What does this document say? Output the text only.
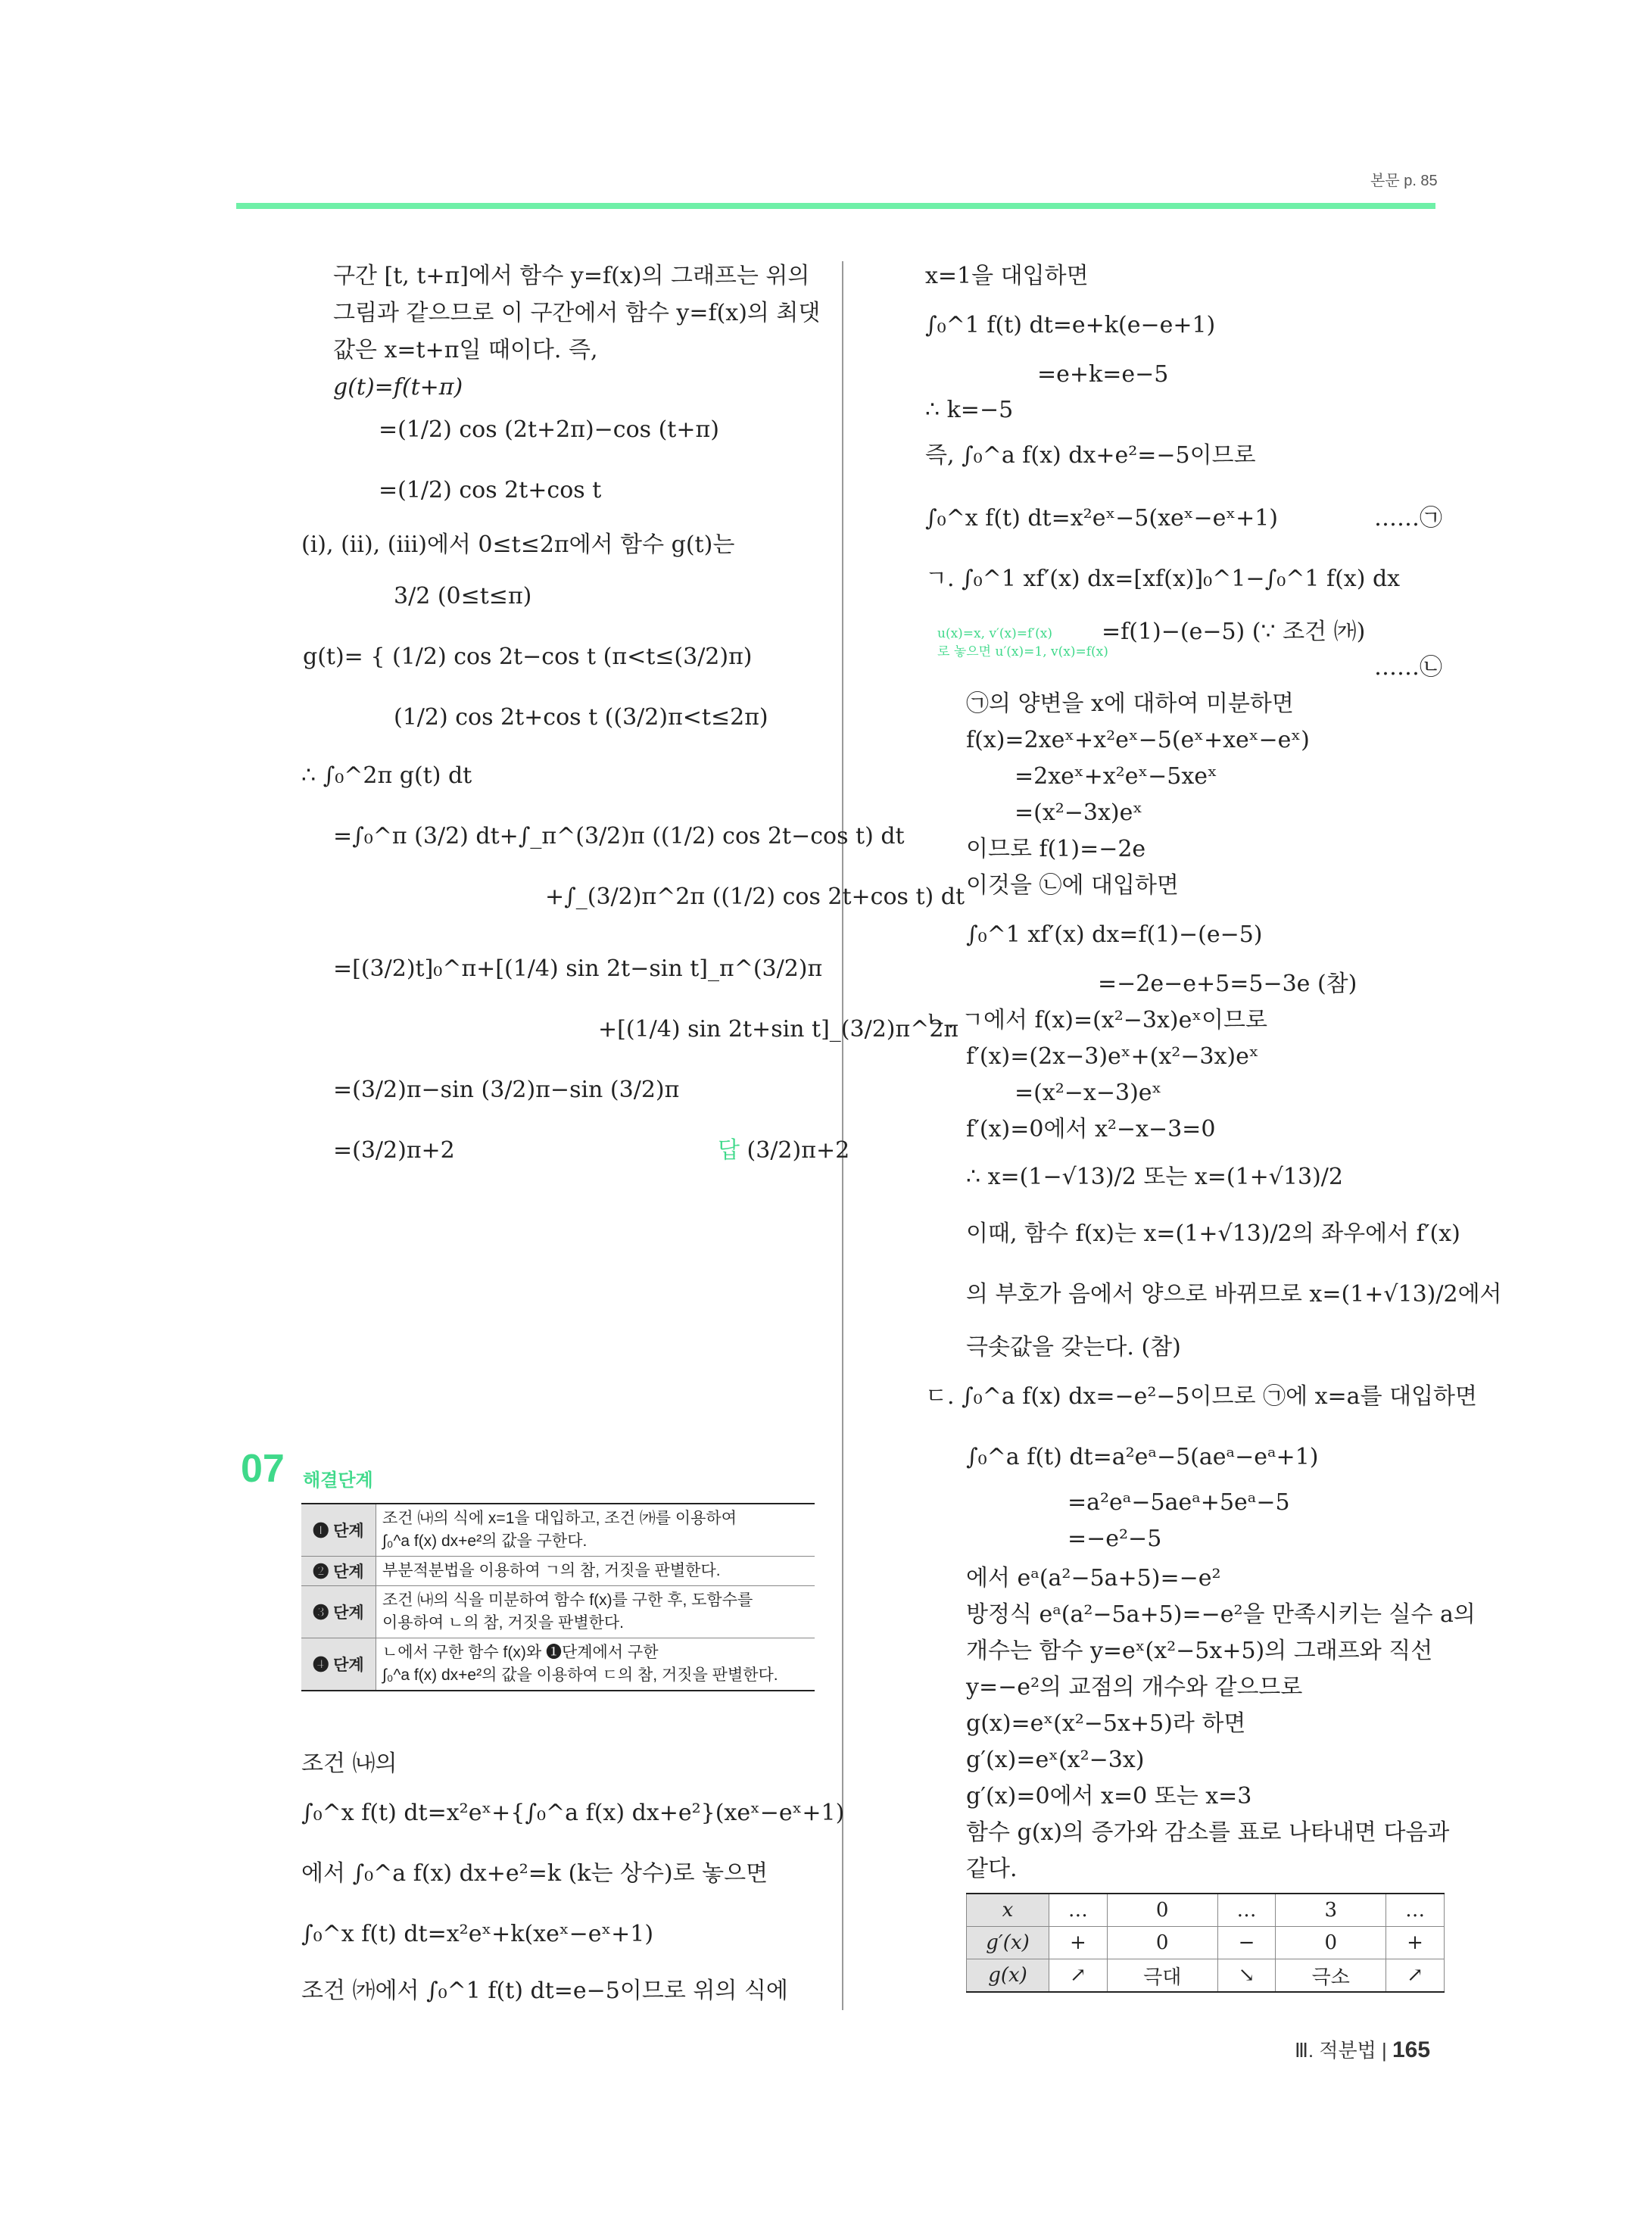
본문 p. 85
구간 [t, t+π]에서 함수 y=f(x)의 그래프는 위의
그림과 같으므로 이 구간에서 함수 y=f(x)의 최댓
값은 x=t+π일 때이다. 즉,
g(t)=f(t+π)
=(1/2) cos (2t+2π)−cos (t+π)
=(1/2) cos 2t+cos t
(ⅰ), (ⅱ), (ⅲ)에서 0≤t≤2π에서 함수 g(t)는
3/2 (0≤t≤π)
g(t)= { (1/2) cos 2t−cos t (π<t≤(3/2)π)
(1/2) cos 2t+cos t ((3/2)π<t≤2π)
∴ ∫₀^2π g(t) dt
=∫₀^π (3/2) dt+∫_π^(3/2)π ((1/2) cos 2t−cos t) dt
+∫_(3/2)π^2π ((1/2) cos 2t+cos t) dt
=[(3/2)t]₀^π+[(1/4) sin 2t−sin t]_π^(3/2)π
+[(1/4) sin 2t+sin t]_(3/2)π^2π
=(3/2)π−sin (3/2)π−sin (3/2)π
=(3/2)π+2	답 (3/2)π+2
07 해결단계
❶ 단계	조건 ㈏의 식에 x=1을 대입하고, 조건 ㈎를 이용하여
∫₀^a f(x) dx+e²의 값을 구한다.

❷ 단계	부분적분법을 이용하여 ㄱ의 참, 거짓을 판별한다.

❸ 단계	조건 ㈏의 식을 미분하여 함수 f(x)를 구한 후, 도함수를
이용하여 ㄴ의 참, 거짓을 판별한다.

❹ 단계	ㄴ에서 구한 함수 f(x)와 ❶단계에서 구한
∫₀^a f(x) dx+e²의 값을 이용하여 ㄷ의 참, 거짓을 판별한다.
조건 ㈏의
∫₀^x f(t) dt=x²eˣ+{∫₀^a f(x) dx+e²}(xeˣ−eˣ+1)
에서 ∫₀^a f(x) dx+e²=k (k는 상수)로 놓으면
∫₀^x f(t) dt=x²eˣ+k(xeˣ−eˣ+1)
조건 ㈎에서 ∫₀^1 f(t) dt=e−5이므로 위의 식에
x=1을 대입하면
∫₀^1 f(t) dt=e+k(e−e+1)
=e+k=e−5
∴ k=−5
즉, ∫₀^a f(x) dx+e²=−5이므로
∫₀^x f(t) dt=x²eˣ−5(xeˣ−eˣ+1)	……㉠
ㄱ. ∫₀^1 xf′(x) dx=[xf(x)]₀^1−∫₀^1 f(x) dx
u(x)=x, v′(x)=f′(x)
로 놓으면 u′(x)=1, v(x)=f(x)
=f(1)−(e−5) (∵ 조건 ㈎)
……㉡
㉠의 양변을 x에 대하여 미분하면
f(x)=2xeˣ+x²eˣ−5(eˣ+xeˣ−eˣ)
=2xeˣ+x²eˣ−5xeˣ
=(x²−3x)eˣ
이므로 f(1)=−2e
이것을 ㉡에 대입하면
∫₀^1 xf′(x) dx=f(1)−(e−5)
=−2e−e+5=5−3e (참)
ㄴ. ㄱ에서 f(x)=(x²−3x)eˣ이므로
f′(x)=(2x−3)eˣ+(x²−3x)eˣ
=(x²−x−3)eˣ
f′(x)=0에서 x²−x−3=0
∴ x=(1−√13)/2 또는 x=(1+√13)/2
이때, 함수 f(x)는 x=(1+√13)/2의 좌우에서 f′(x)
의 부호가 음에서 양으로 바뀌므로 x=(1+√13)/2에서
극솟값을 갖는다. (참)
ㄷ. ∫₀^a f(x) dx=−e²−5이므로 ㉠에 x=a를 대입하면
∫₀^a f(t) dt=a²eᵃ−5(aeᵃ−eᵃ+1)
=a²eᵃ−5aeᵃ+5eᵃ−5
=−e²−5
에서 eᵃ(a²−5a+5)=−e²
방정식 eᵃ(a²−5a+5)=−e²을 만족시키는 실수 a의
개수는 함수 y=eˣ(x²−5x+5)의 그래프와 직선
y=−e²의 교점의 개수와 같으므로
g(x)=eˣ(x²−5x+5)라 하면
g′(x)=eˣ(x²−3x)
g′(x)=0에서 x=0 또는 x=3
함수 g(x)의 증가와 감소를 표로 나타내면 다음과
같다.
x	…	0	…	3	…
g′(x)	+	0	−	0	+
g(x)	↗	극대	↘	극소	↗
Ⅲ. 적분법 | 165
